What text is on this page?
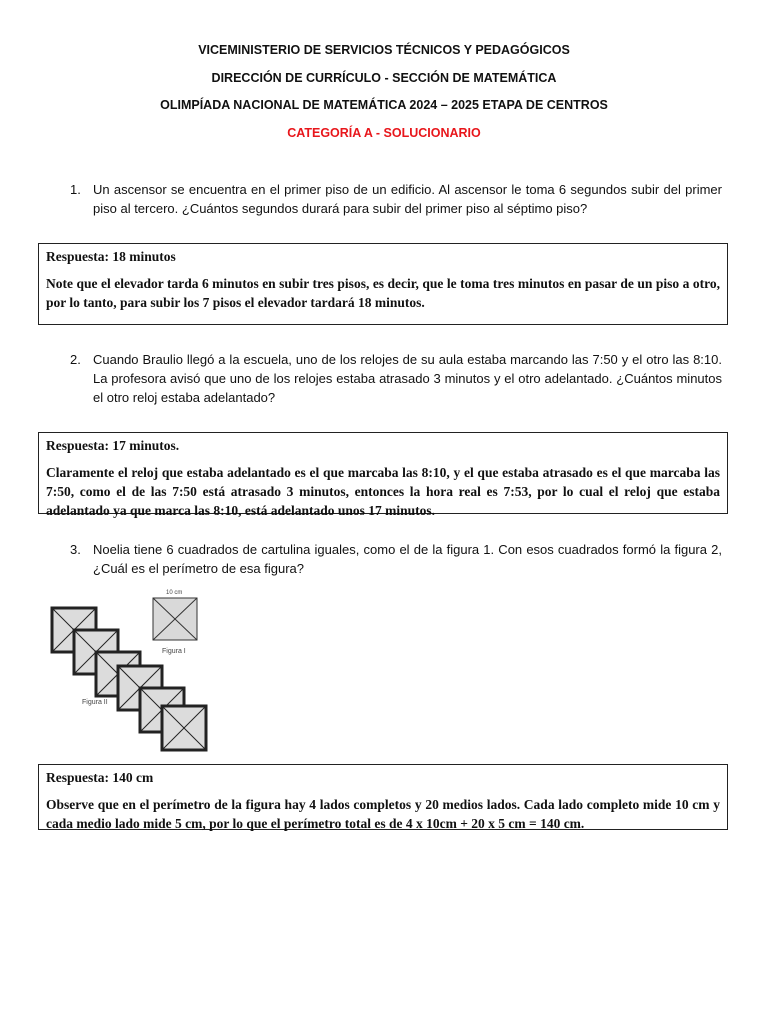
VICEMINISTERIO DE SERVICIOS TÉCNICOS Y PEDAGÓGICOS
DIRECCIÓN DE CURRÍCULO - SECCIÓN DE MATEMÁTICA
OLIMPÍADA NACIONAL DE MATEMÁTICA 2024 – 2025 ETAPA DE CENTROS
CATEGORÍA A - SOLUCIONARIO
1. Un ascensor se encuentra en el primer piso de un edificio. Al ascensor le toma 6 segundos subir del primer piso al tercero. ¿Cuántos segundos durará para subir del primer piso al séptimo piso?
Respuesta: 18 minutos
Note que el elevador tarda 6 minutos en subir tres pisos, es decir, que le toma tres minutos en pasar de un piso a otro, por lo tanto, para subir los 7 pisos el elevador tardará 18 minutos.
2. Cuando Braulio llegó a la escuela, uno de los relojes de su aula estaba marcando las 7:50 y el otro las 8:10. La profesora avisó que uno de los relojes estaba atrasado 3 minutos y el otro adelantado. ¿Cuántos minutos el otro reloj estaba adelantado?
Respuesta: 17 minutos.
Claramente el reloj que estaba adelantado es el que marcaba las 8:10, y el que estaba atrasado es el que marcaba las 7:50, como el de las 7:50 está atrasado 3 minutos, entonces la hora real es 7:53, por lo cual el reloj que estaba adelantado ya que marca las 8:10, está adelantado unos 17 minutos.
3. Noelia tiene 6 cuadrados de cartulina iguales, como el de la figura 1. Con esos cuadrados formó la figura 2, ¿Cuál es el perímetro de esa figura?
10 cm
Figura I
Figura II
Respuesta: 140 cm
Observe que en el perímetro de la figura hay 4 lados completos y 20 medios lados. Cada lado completo mide 10 cm y cada medio lado mide 5 cm, por lo que el perímetro total es de 4 x 10cm + 20 x 5 cm = 140 cm.
